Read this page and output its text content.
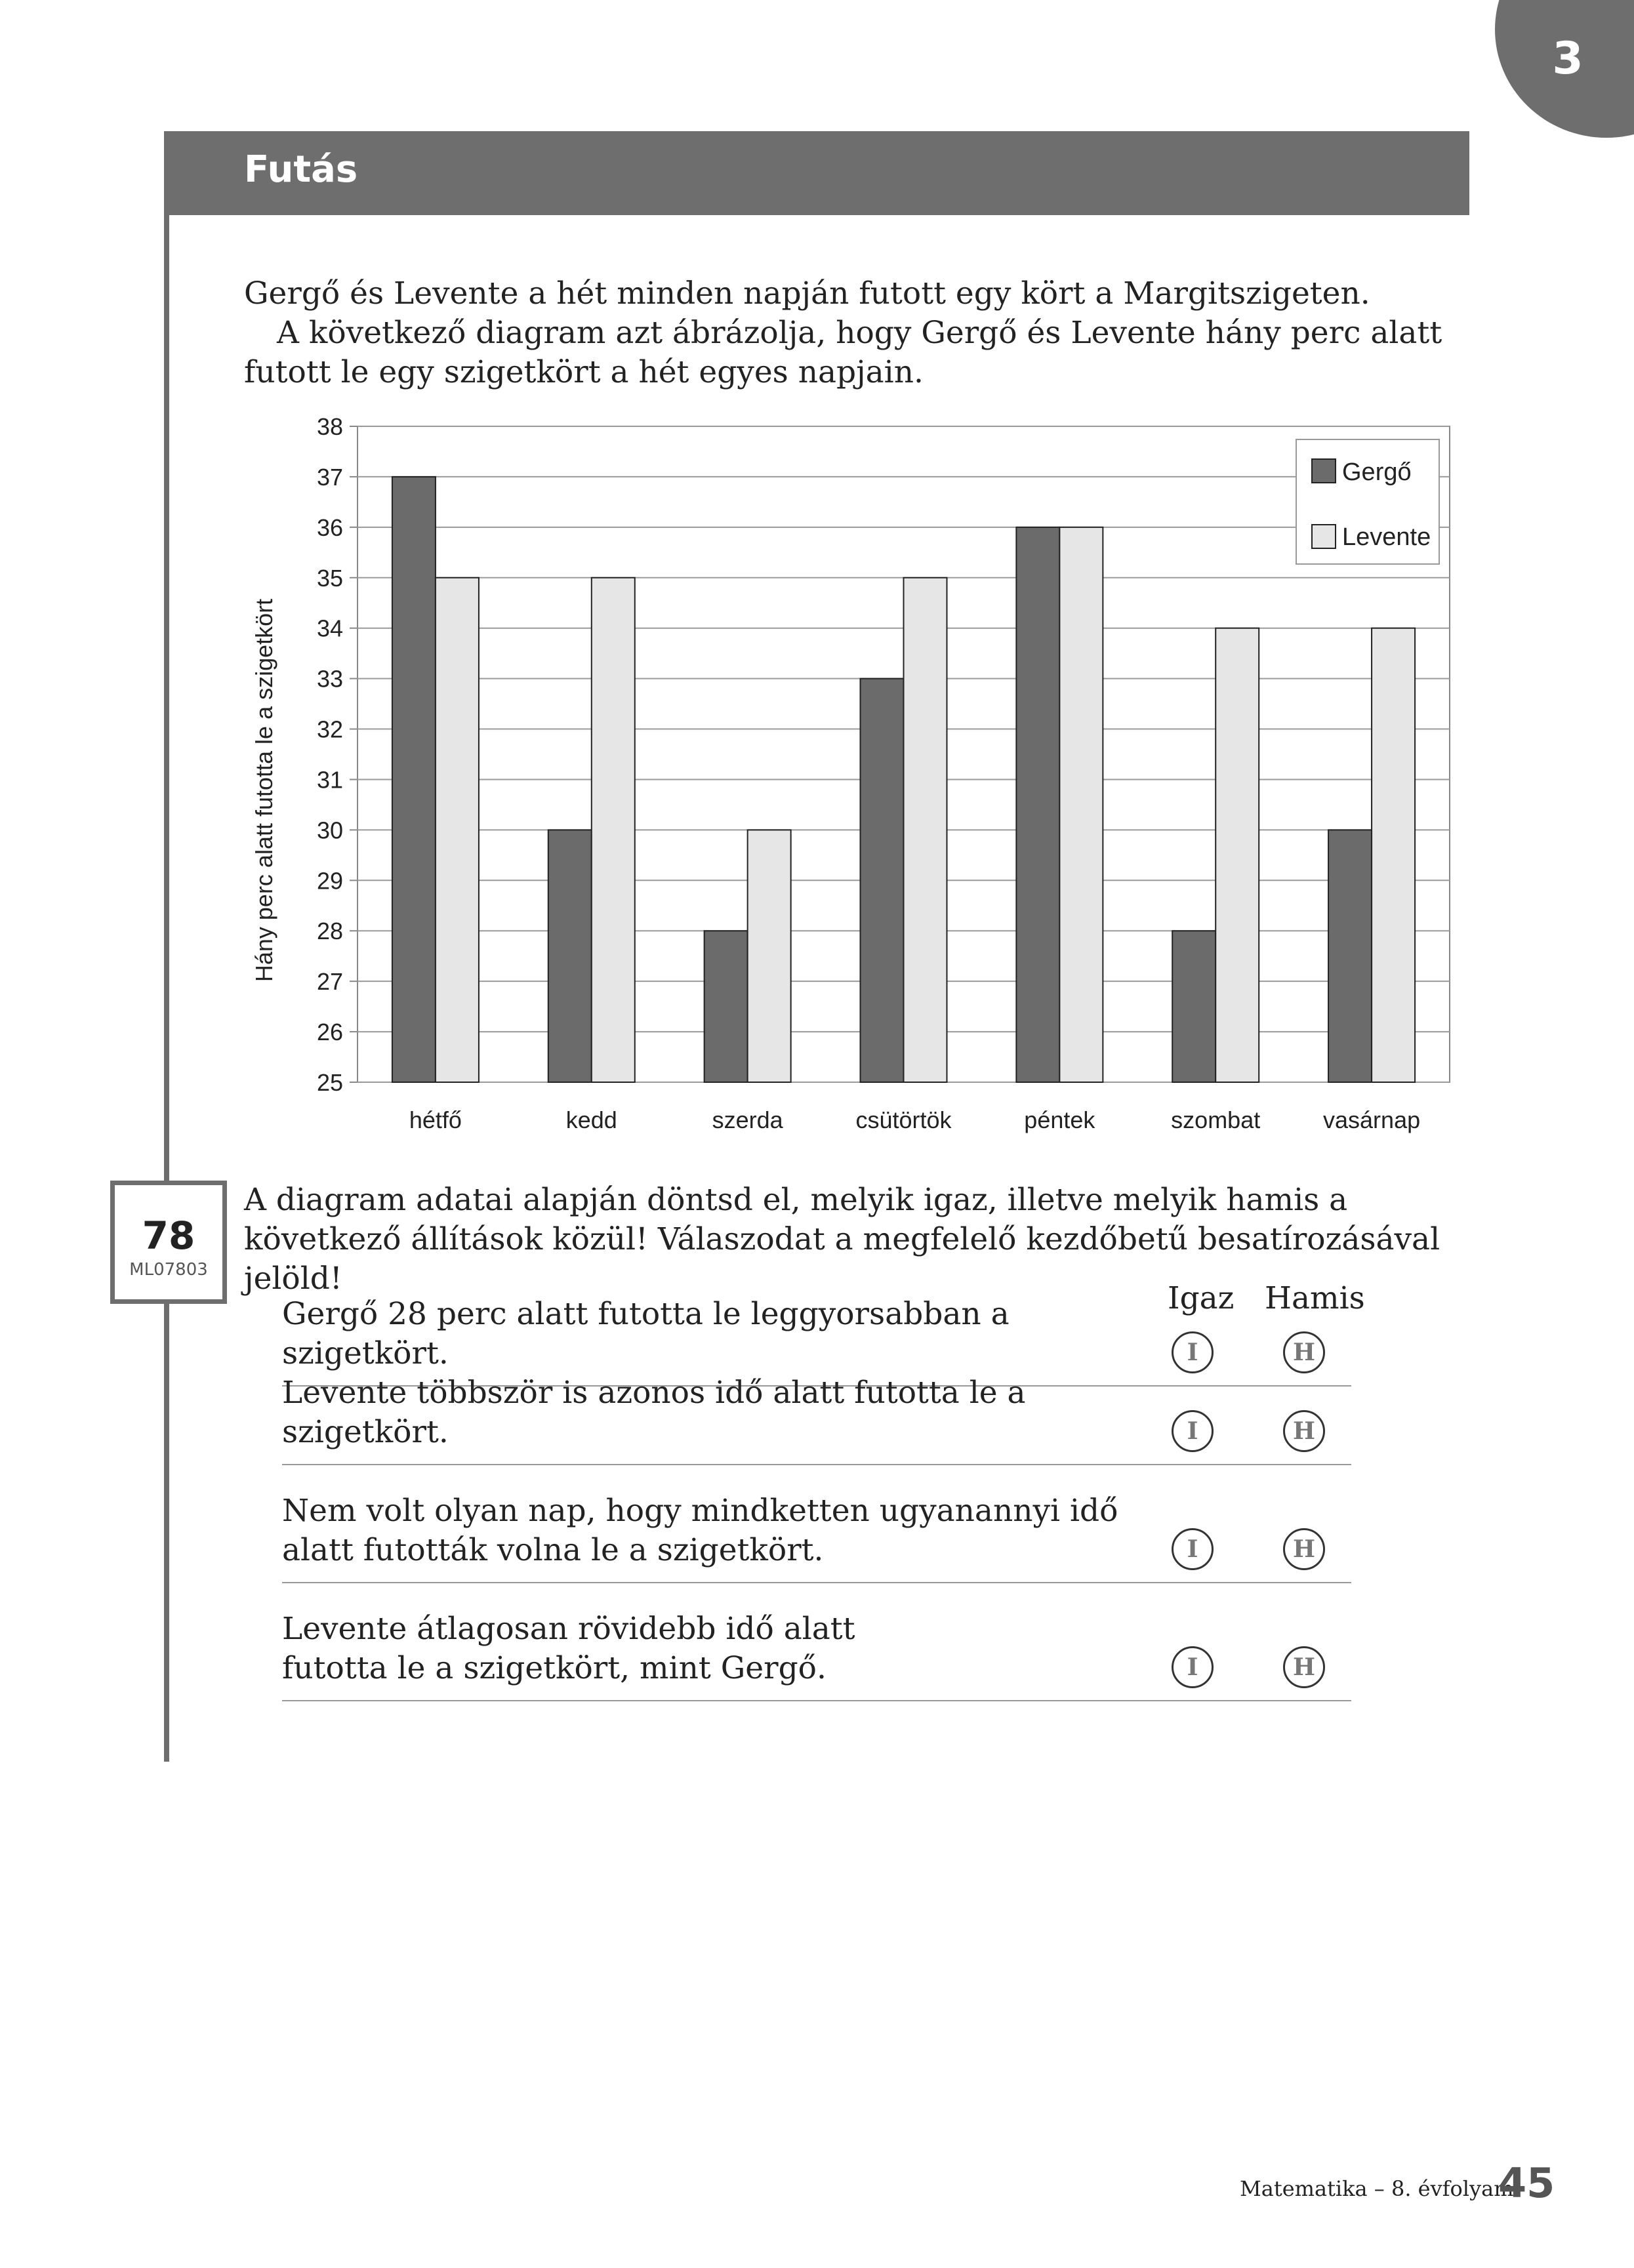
3
Futás

Gergő és Levente a hét minden napján futott egy kört a Margitszigeten.

A következő diagram azt ábrázolja, hogy Gergő és Levente hány perc alatt futott le egy szigetkört a hét egyes napjain.

25
26
27
28
29
30
31
32
33
34
35
36
37
38
hétfő	kedd	szerda	csütörtök	péntek	szombat	vasárnap
Gergő
Levente
Hány perc alatt futotta le a szigetkört
78
ML07803

A diagram adatai alapján döntsd el, melyik igaz, illetve melyik hamis a következő állítások közül! Válaszodat a megfelelő kezdőbetű besatírozásával jelöld!

Igaz Hamis
Gergő 28 perc alatt futotta le leggyorsabban a szigetkört.	I	H
Levente többször is azonos idő alatt futotta le a szigetkört.	I	H
Nem volt olyan nap, hogy mindketten ugyanannyi idő alatt futották volna le a szigetkört.	I	H
Levente átlagosan rövidebb idő alatt futotta le a szigetkört, mint Gergő.	I	H
Matematika – 8. évfolyam
45
